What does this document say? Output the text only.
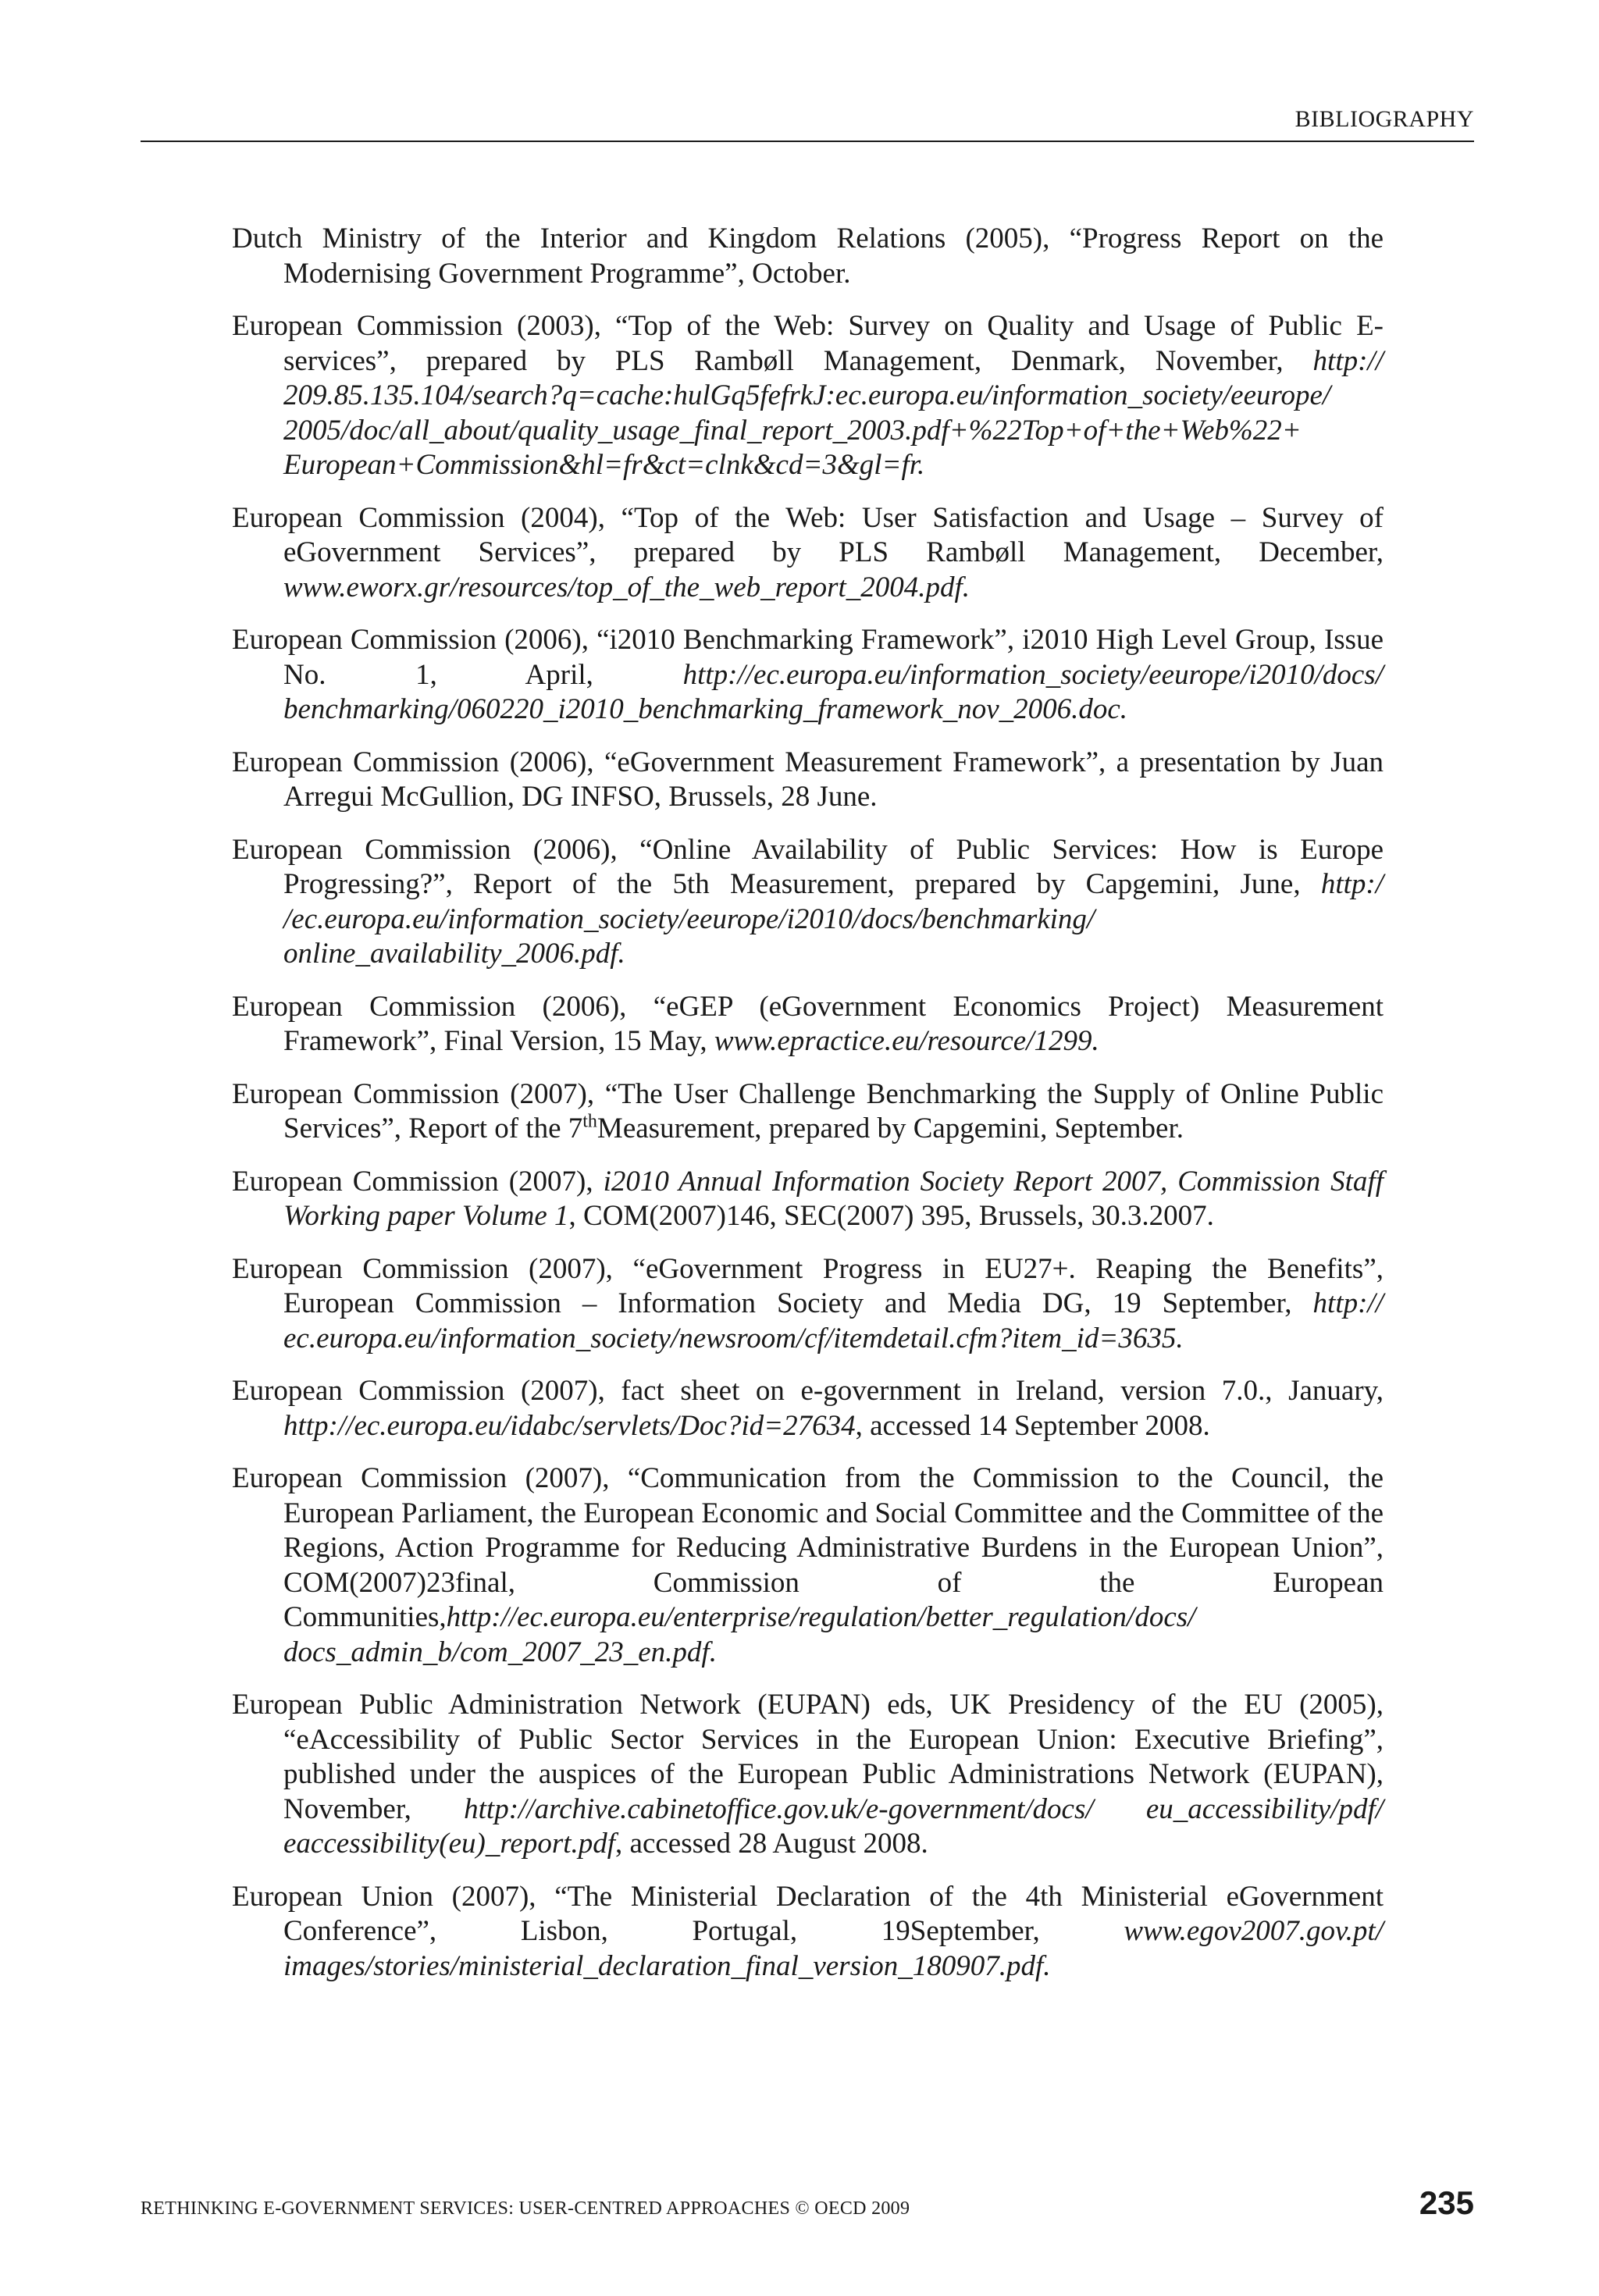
BIBLIOGRAPHY

Dutch Ministry of the Interior and Kingdom Relations (2005), “Progress Report on the Modernising Government Programme”, October.

European Commission (2003), “Top of the Web: Survey on Quality and Usage of Public E-services”, prepared by PLS Rambøll Management, Denmark, November, http:// 209.85.135.104/search?q=cache:hulGq5fefrkJ:ec.europa.eu/information_society/eeurope/ 2005/doc/all_about/quality_usage_final_report_2003.pdf+%22Top+of+the+Web%22+ European+Commission&hl=fr&ct=clnk&cd=3&gl=fr.

European Commission (2004), “Top of the Web: User Satisfaction and Usage – Survey of eGovernment Services”, prepared by PLS Rambøll Management, December, www.eworx.gr/resources/top_of_the_web_report_2004.pdf.

European Commission (2006), “i2010 Benchmarking Framework”, i2010 High Level Group, Issue No. 1, April, http://ec.europa.eu/information_society/eeurope/i2010/docs/ benchmarking/060220_i2010_benchmarking_framework_nov_2006.doc.

European Commission (2006), “eGovernment Measurement Framework”, a presentation by Juan Arregui McGullion, DG INFSO, Brussels, 28 June.

European Commission (2006), “Online Availability of Public Services: How is Europe Progressing?”, Report of the 5th Measurement, prepared by Capgemini, June, http:/ /ec.europa.eu/information_society/eeurope/i2010/docs/benchmarking/ online_availability_2006.pdf.

European Commission (2006), “eGEP (eGovernment Economics Project) Measurement Framework”, Final Version, 15 May, www.epractice.eu/resource/1299.

European Commission (2007), “The User Challenge Benchmarking the Supply of Online Public Services”, Report of the 7thMeasurement, prepared by Capgemini, September.

European Commission (2007), i2010 Annual Information Society Report 2007, Commission Staff Working paper Volume 1, COM(2007)146, SEC(2007) 395, Brussels, 30.3.2007.

European Commission (2007), “eGovernment Progress in EU27+. Reaping the Benefits”, European Commission – Information Society and Media DG, 19 September, http:// ec.europa.eu/information_society/newsroom/cf/itemdetail.cfm?item_id=3635.

European Commission (2007), fact sheet on e-government in Ireland, version 7.0., January, http://ec.europa.eu/idabc/servlets/Doc?id=27634, accessed 14 September 2008.

European Commission (2007), “Communication from the Commission to the Council, the European Parliament, the European Economic and Social Committee and the Committee of the Regions, Action Programme for Reducing Administrative Burdens in the European Union”, COM(2007)23final, Commission of the European Communities,http://ec.europa.eu/enterprise/regulation/better_regulation/docs/ docs_admin_b/com_2007_23_en.pdf.

European Public Administration Network (EUPAN) eds, UK Presidency of the EU (2005), “eAccessibility of Public Sector Services in the European Union: Executive Briefing”, published under the auspices of the European Public Administrations Network (EUPAN), November, http://archive.cabinetoffice.gov.uk/e-government/docs/ eu_accessibility/pdf/ eaccessibility(eu)_report.pdf, accessed 28 August 2008.

European Union (2007), “The Ministerial Declaration of the 4th Ministerial eGovernment Conference”, Lisbon, Portugal, 19September, www.egov2007.gov.pt/ images/stories/ministerial_declaration_final_version_180907.pdf.

RETHINKING E-GOVERNMENT SERVICES: USER-CENTRED APPROACHES © OECD 2009	235
